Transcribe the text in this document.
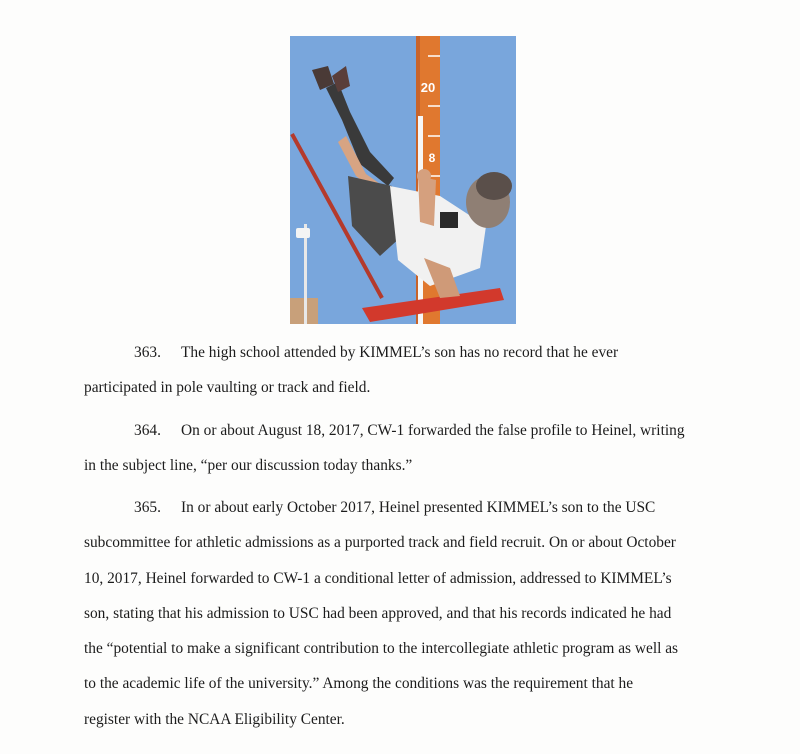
20
8

363. The high school attended by KIMMEL’s son has no record that he ever
participated in pole vaulting or track and field.

364. On or about August 18, 2017, CW-1 forwarded the false profile to Heinel, writing
in the subject line, “per our discussion today thanks.”

365. In or about early October 2017, Heinel presented KIMMEL’s son to the USC
subcommittee for athletic admissions as a purported track and field recruit. On or about October
10, 2017, Heinel forwarded to CW-1 a conditional letter of admission, addressed to KIMMEL’s
son, stating that his admission to USC had been approved, and that his records indicated he had
the “potential to make a significant contribution to the intercollegiate athletic program as well as
to the academic life of the university.” Among the conditions was the requirement that he
register with the NCAA Eligibility Center.
